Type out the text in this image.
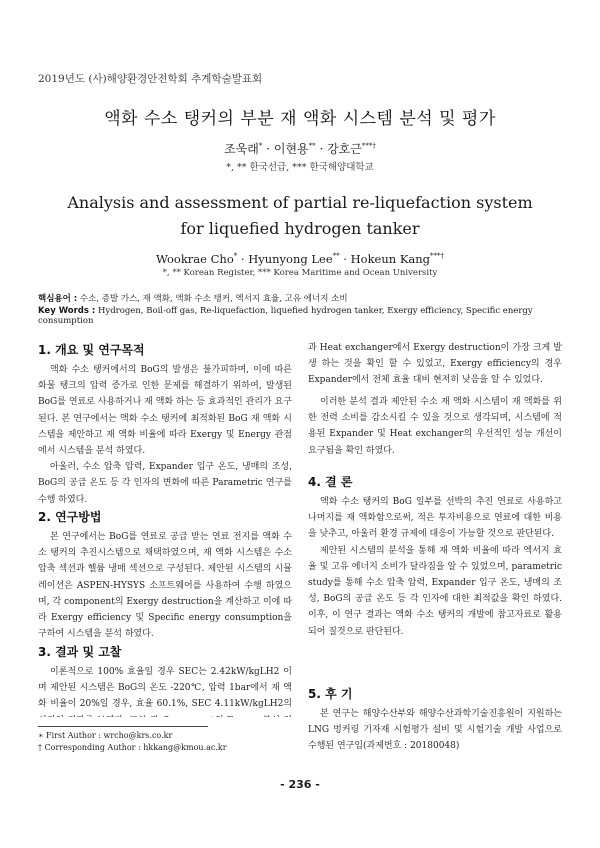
2019년도 (사)해양환경안전학회 추계학술발표회
액화 수소 탱커의 부분 재 액화 시스템 분석 및 평가
조욱래* · 이현용** · 강호근***†
*, ** 한국선급, *** 한국해양대학교
Analysis and assessment of partial re-liquefaction system for liquefied hydrogen tanker
Wookrae Cho* · Hyunyong Lee** · Hokeun Kang***†
*, ** Korean Register, *** Korea Maritime and Ocean University
핵심용어 : 수소, 증발 가스, 재 액화, 액화 수소 탱커, 엑서지 효율, 고유 에너지 소비
Key Words : Hydrogen, Boil-off gas, Re-liquefaction, liquefied hydrogen tanker, Exergy efficiency, Specific energy consumption
1. 개요 및 연구목적

액화 수소 탱커에서의 BoG의 발생은 불가피하며, 이에 따른 화물 탱크의 압력 증가로 인한 문제를 해결하기 위하여, 발생된 BoG를 연료로 사용하거나 재 액화 하는 등 효과적인 관리가 요구된다. 본 연구에서는 액화 수소 탱커에 최적화된 BoG 재 액화 시스템을 제안하고 재 액화 비율에 따라 Exergy 및 Energy 관점에서 시스템을 분석 하였다.

아울러, 수소 압축 압력, Expander 입구 온도, 냉매의 조성, BoG의 공급 온도 등 각 인자의 변화에 따른 Parametric 연구를 수행 하였다.

2. 연구방법

본 연구에서는 BoG를 연료로 공급 받는 연료 전지를 액화 수소 탱커의 추진시스템으로 채택하였으며, 재 액화 시스템은 수소 압축 섹션과 헬륨 냉매 섹션으로 구성된다. 제안된 시스템의 시뮬레이션은 ASPEN-HYSYS 소프트웨어를 사용하여 수행 하였으며, 각 component의 Exergy destruction을 계산하고 이에 따라 Exergy efficiency 및 Specific energy consumption을 구하여 시스템을 분석 하였다.

3. 결과 및 고찰

이론적으로 100% 효율일 경우 SEC는 2.42kW/kgLH2 이며 제안된 시스템은 BoG의 온도 -220℃, 압력 1bar에서 재 액화 비율이 20%일 경우, 효율 60.1%, SEC 4.11kW/kgLH2의

과 Heat exchanger에서 Exergy destruction이 가장 크게 발생 하는 것을 확인 할 수 있었고, Exergy efficiency의 경우 Expander에서 전체 효율 대비 현저히 낮음을 알 수 있었다.

이러한 분석 결과 제안된 수소 재 액화 시스템이 재 액화를 위한 전력 소비를 감소시킬 수 있을 것으로 생각되며, 시스템에 적용된 Expander 및 Heat exchanger의 우선적인 성능 개선이 요구됨을 확인 하였다.

4. 결 론

액화 수소 탱커의 BoG 일부를 선박의 추진 연료로 사용하고 나머지를 재 액화함으로써, 적은 투자비용으로 연료에 대한 비용을 낮추고, 아울러 환경 규제에 대응이 가능할 것으로 판단된다.

제안된 시스템의 분석을 통해 재 액화 비율에 따라 엑서지 효율 및 고유 에너지 소비가 달라짐을 알 수 있었으며, parametric study를 통해 수소 압축 압력, Expander 입구 온도, 냉매의 조성, BoG의 공급 온도 등 각 인자에 대한 최적값을 확인 하였다. 이후, 이 연구 결과는 액화 수소 탱커의 개발에 참고자료로 활용되어 질것으로 판단된다.

5. 후 기

본 연구는 해양수산부와 해양수산과학기술진흥원이 지원하는 LNG 벙커링 기자재 시험평가 설비 및 시험기술 개발 사업으로 수행된 연구임(과제번호 : 20180048)

∗ First Author : wrcho@krs.co.kr
† Corresponding Author : hkkang@kmou.ac.kr
- 236 -
